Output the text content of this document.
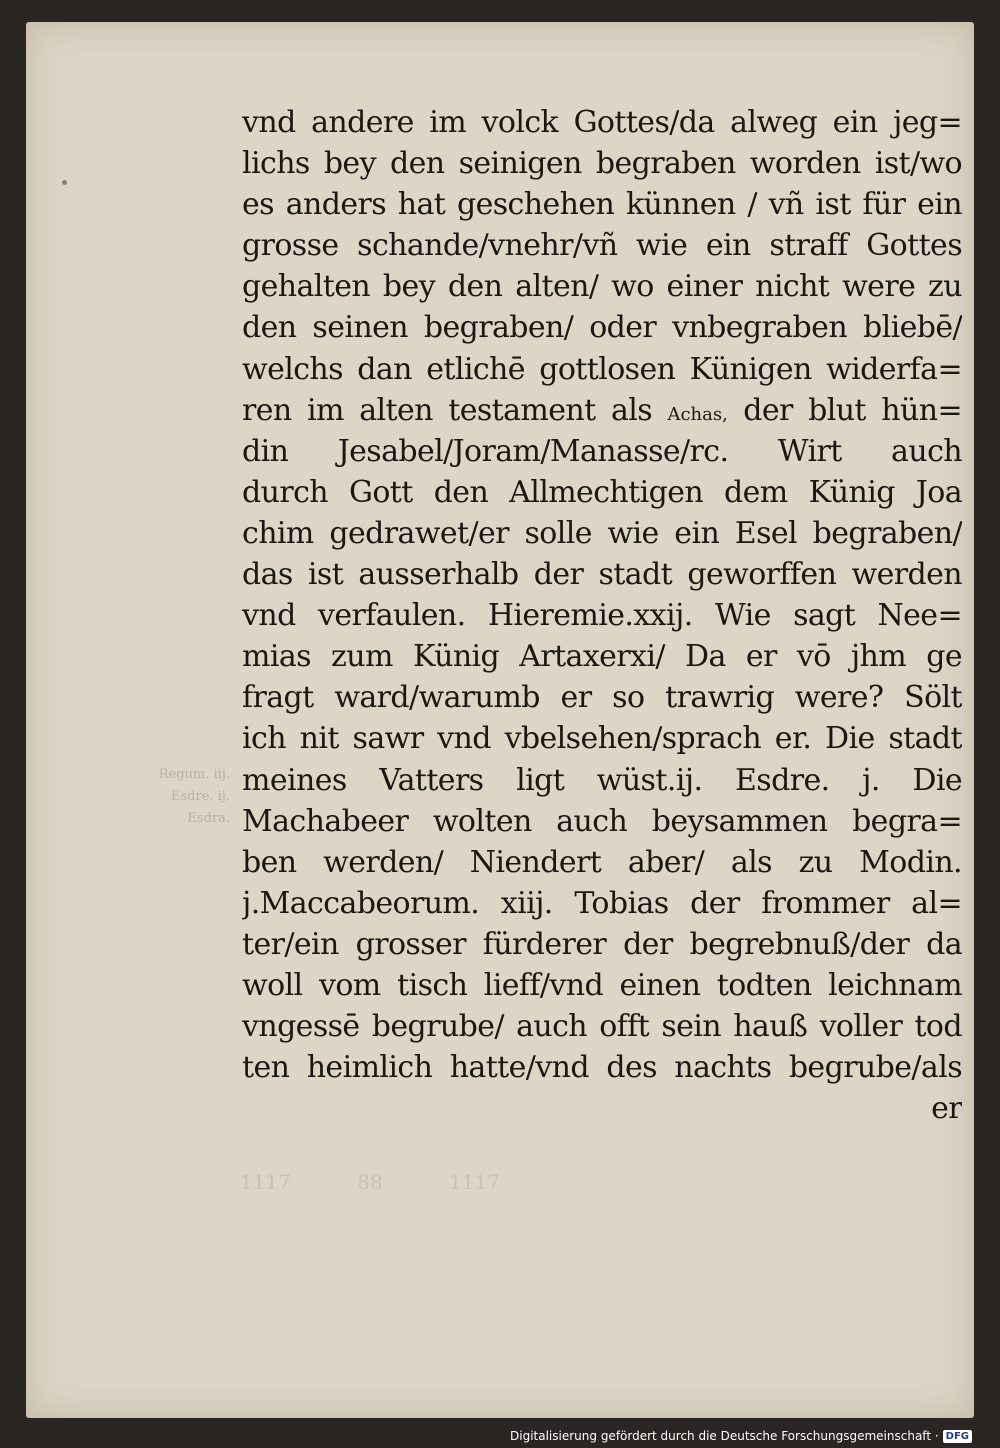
vnd andere im volck Gottes/da alweg ein jeg=
lichs bey den seinigen begraben worden ist/wo
es anders hat geschehen künnen / vñ ist für ein
grosse schande/vnehr/vñ wie ein straff Gottes
gehalten bey den alten/ wo einer nicht were zu
den seinen begraben/ oder vnbegraben bliebē/
welchs dan etlichē gottlosen Künigen widerfa=
ren im alten testament als Achas, der blut hün=
din Jesabel/Joram/Manasse/rc. Wirt auch
durch Gott den Allmechtigen dem Künig Joa
chim gedrawet/er solle wie ein Esel begraben/
das ist ausserhalb der stadt geworffen werden
vnd verfaulen. Hieremie.xxij. Wie sagt Nee=
mias zum Künig Artaxerxi/ Da er vō jhm ge
fragt ward/warumb er so trawrig were? Sölt
ich nit sawr vnd vbelsehen/sprach er. Die stadt
meines Vatters ligt wüst.ij. Esdre. j. Die
Machabeer wolten auch beysammen begra=
ben werden/ Niendert aber/ als zu Modin.
j.Maccabeorum. xiij. Tobias der frommer al=
ter/ein grosser fürderer der begrebnuß/der da
woll vom tisch lieff/vnd einen todten leichnam
vngessē begrube/ auch offt sein hauß voller tod
ten heimlich hatte/vnd des nachts begrube/als
er
Regum. iij.
Esdre. ij.
Esdra.
1117 88 1117
Digitalisierung gefördert durch die Deutsche Forschungsgemeinschaft · DFG
